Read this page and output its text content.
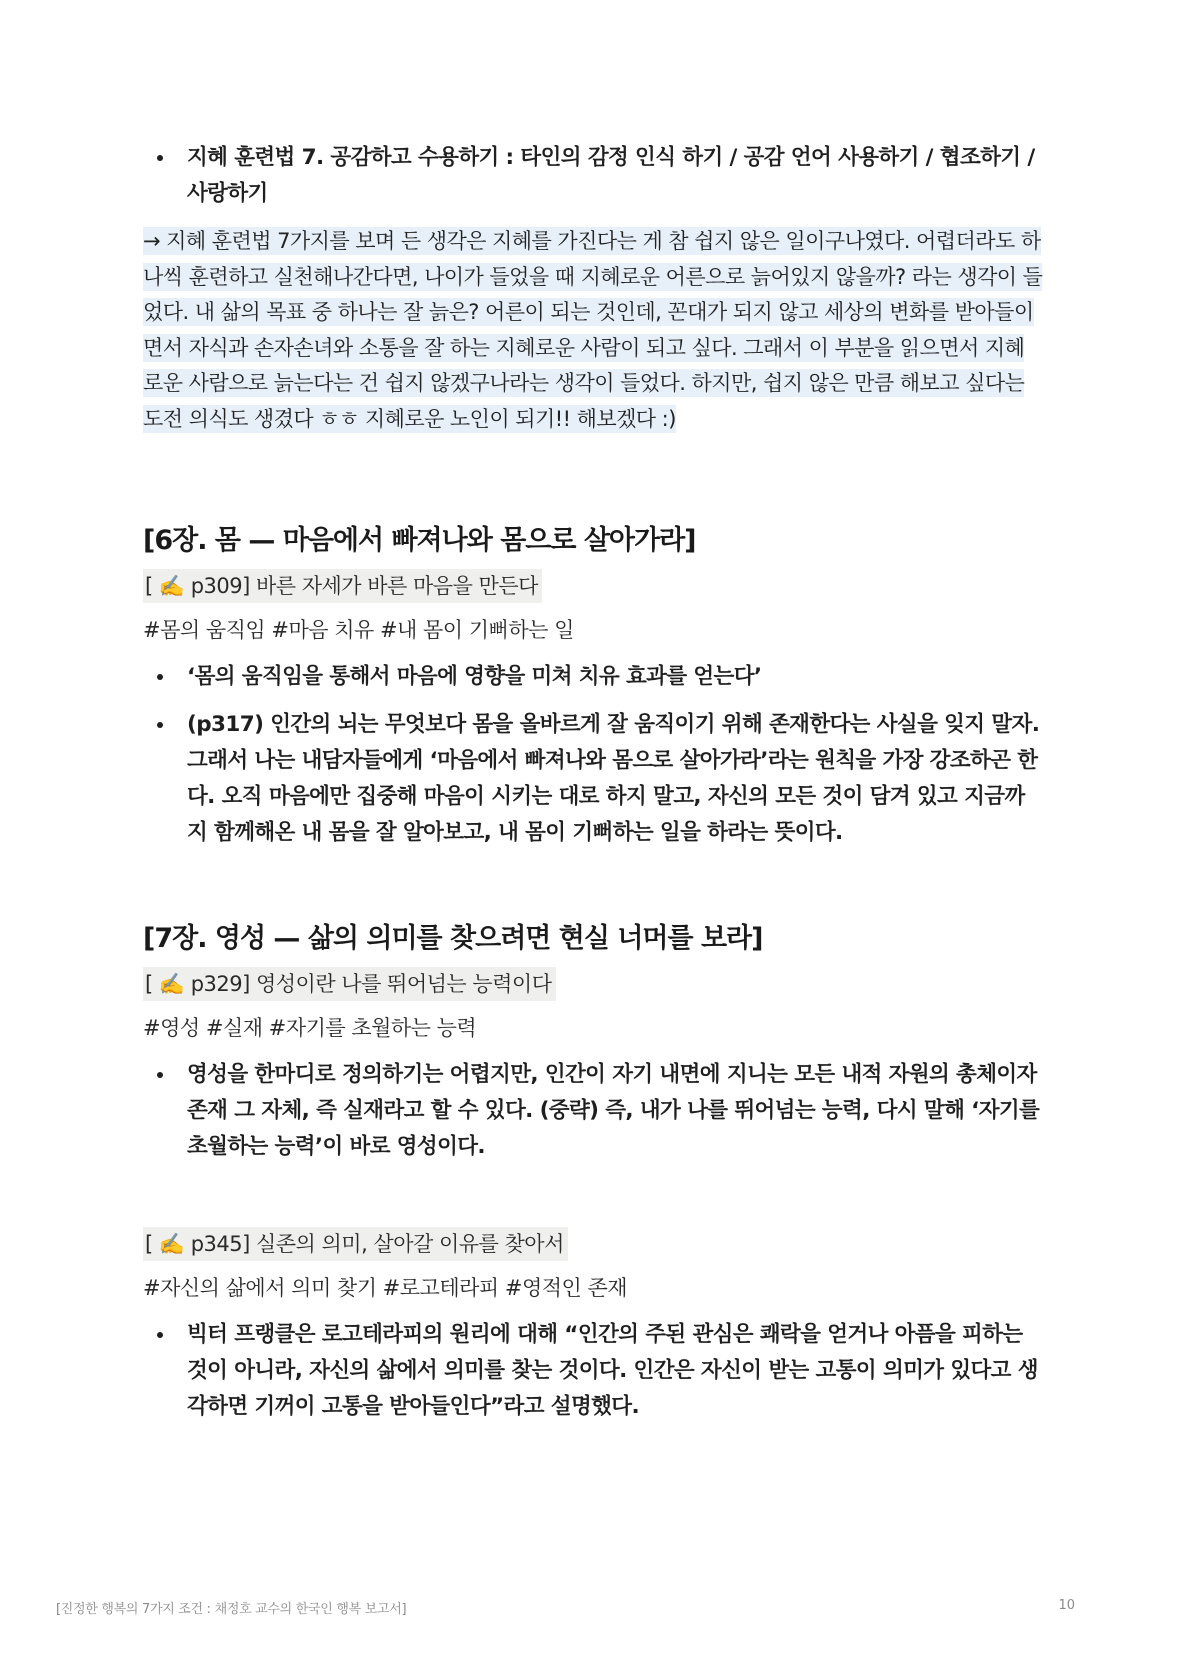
지혜 훈련법 7. 공감하고 수용하기 : 타인의 감정 인식 하기 / 공감 언어 사용하기 / 협조하기 / 사랑하기

→ 지혜 훈련법 7가지를 보며 든 생각은 지혜를 가진다는 게 참 쉽지 않은 일이구나였다. 어렵더라도 하나씩 훈련하고 실천해나간다면, 나이가 들었을 때 지혜로운 어른으로 늙어있지 않을까? 라는 생각이 들었다. 내 삶의 목표 중 하나는 잘 늙은? 어른이 되는 것인데, 꼰대가 되지 않고 세상의 변화를 받아들이면서 자식과 손자손녀와 소통을 잘 하는 지혜로운 사람이 되고 싶다. 그래서 이 부분을 읽으면서 지혜로운 사람으로 늙는다는 건 쉽지 않겠구나라는 생각이 들었다. 하지만, 쉽지 않은 만큼 해보고 싶다는 도전 의식도 생겼다 ㅎㅎ 지혜로운 노인이 되기!! 해보겠다 :)

[6장. 몸 — 마음에서 빠져나와 몸으로 살아가라]
[ ✍️ p309] 바른 자세가 바른 마음을 만든다
#몸의 움직임 #마음 치유 #내 몸이 기뻐하는 일
‘몸의 움직임을 통해서 마음에 영향을 미쳐 치유 효과를 얻는다’
(p317) 인간의 뇌는 무엇보다 몸을 올바르게 잘 움직이기 위해 존재한다는 사실을 잊지 말자. 그래서 나는 내담자들에게 ‘마음에서 빠져나와 몸으로 살아가라’라는 원칙을 가장 강조하곤 한다. 오직 마음에만 집중해 마음이 시키는 대로 하지 말고, 자신의 모든 것이 담겨 있고 지금까지 함께해온 내 몸을 잘 알아보고, 내 몸이 기뻐하는 일을 하라는 뜻이다.
[7장. 영성 — 삶의 의미를 찾으려면 현실 너머를 보라]
[ ✍️ p329] 영성이란 나를 뛰어넘는 능력이다
#영성 #실재 #자기를 초월하는 능력
영성을 한마디로 정의하기는 어렵지만, 인간이 자기 내면에 지니는 모든 내적 자원의 총체이자 존재 그 자체, 즉 실재라고 할 수 있다. (중략) 즉, 내가 나를 뛰어넘는 능력, 다시 말해 ‘자기를 초월하는 능력’이 바로 영성이다.
[ ✍️ p345] 실존의 의미, 살아갈 이유를 찾아서
#자신의 삶에서 의미 찾기 #로고테라피 #영적인 존재
빅터 프랭클은 로고테라피의 원리에 대해 “인간의 주된 관심은 쾌락을 얻거나 아픔을 피하는 것이 아니라, 자신의 삶에서 의미를 찾는 것이다. 인간은 자신이 받는 고통이 의미가 있다고 생각하면 기꺼이 고통을 받아들인다”라고 설명했다.
[진정한 행복의 7가지 조건 : 채정호 교수의 한국인 행복 보고서]	10
